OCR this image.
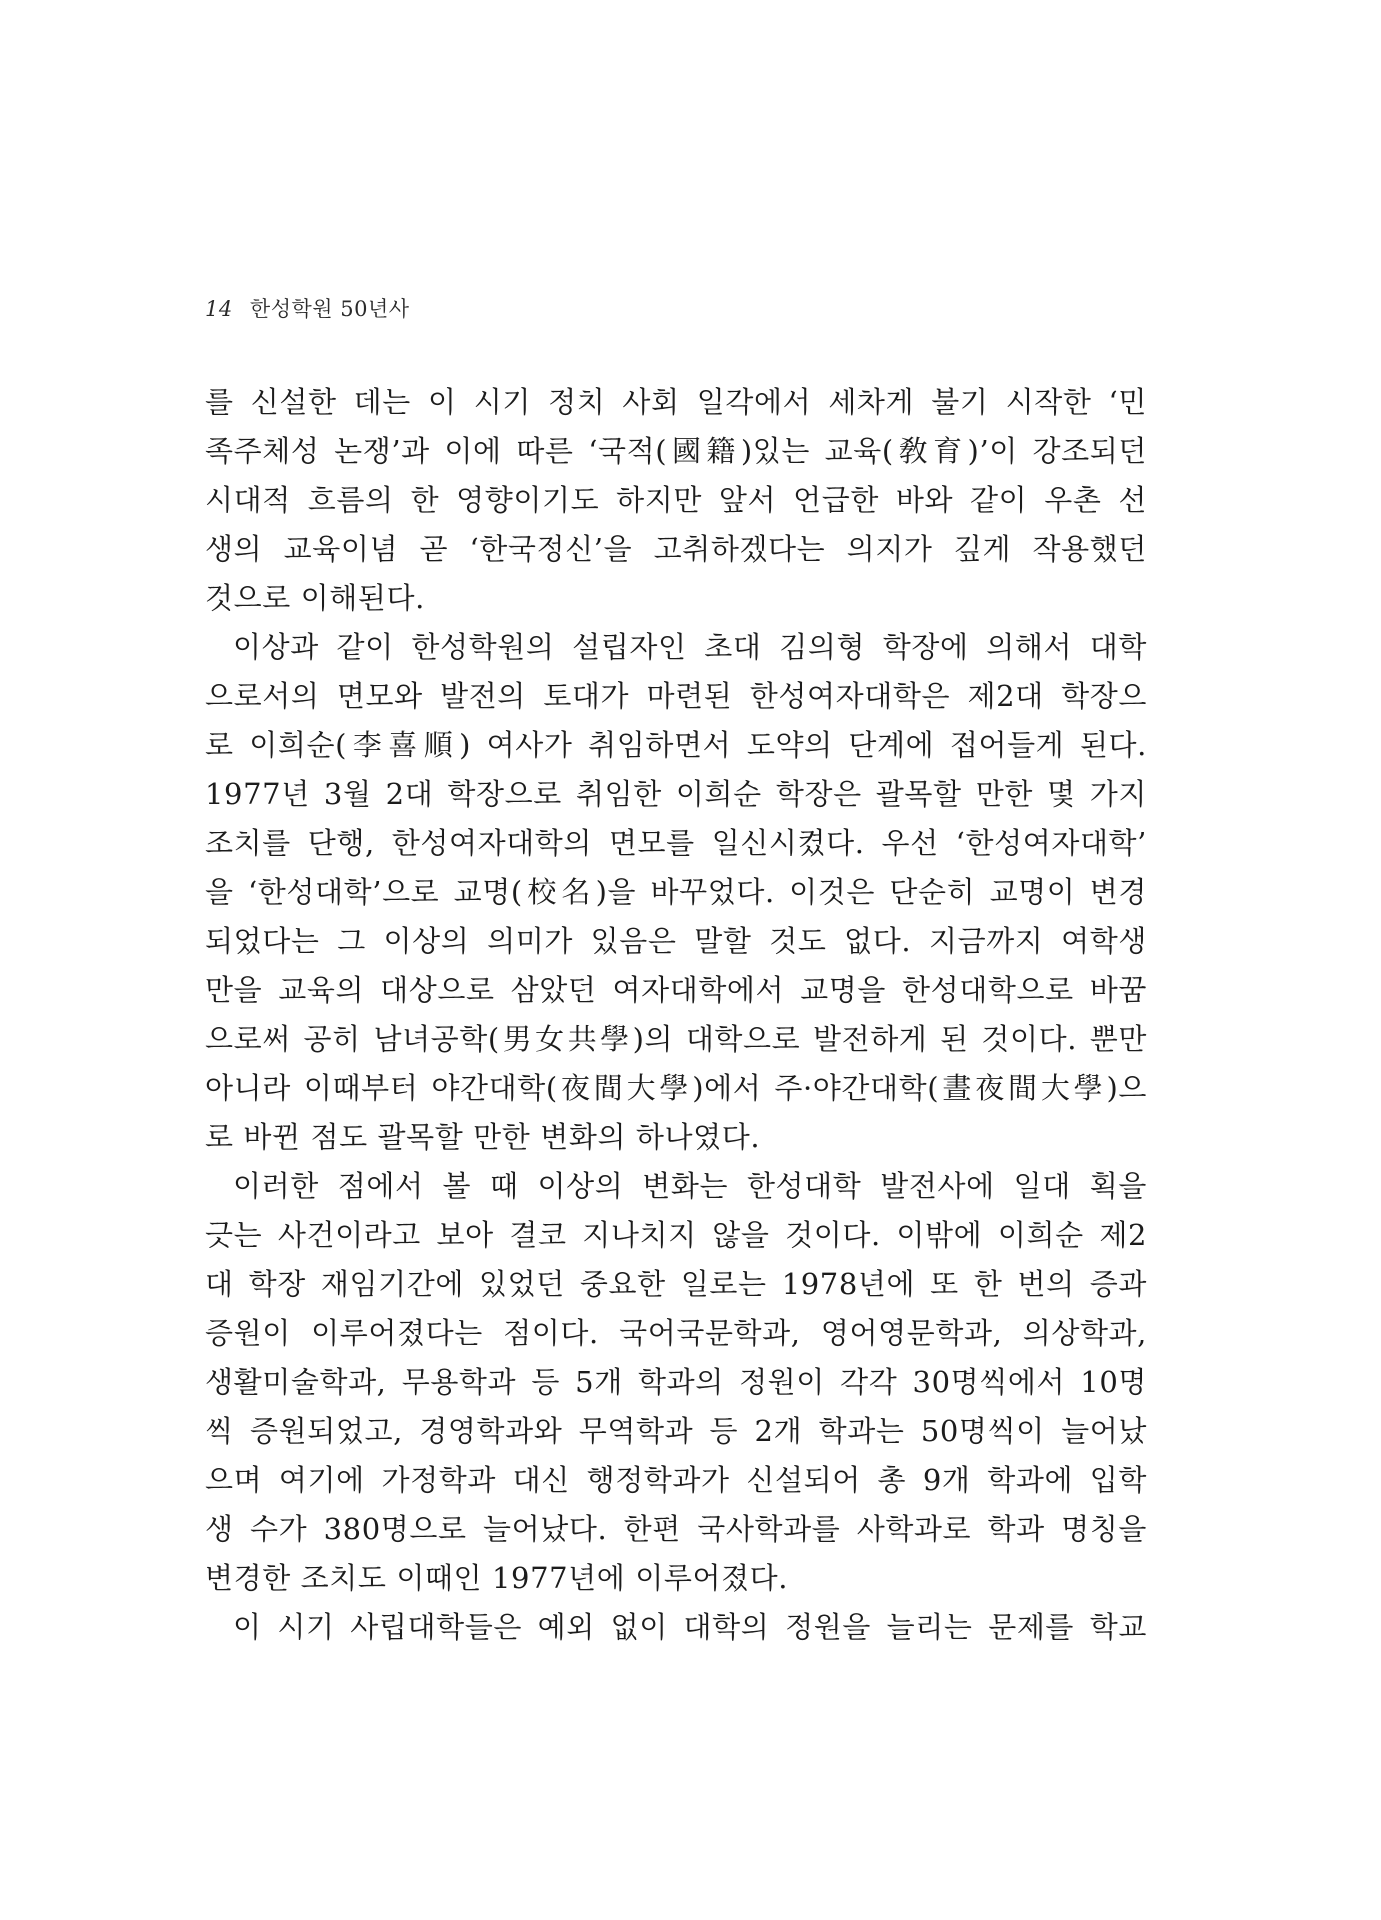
14 한성학원 50년사
를 신설한 데는 이 시기 정치 사회 일각에서 세차게 불기 시작한 ‘민
족주체성 논쟁’과 이에 따른 ‘국적(國籍)있는 교육(敎育)’이 강조되던
시대적 흐름의 한 영향이기도 하지만 앞서 언급한 바와 같이 우촌 선
생의 교육이념 곧 ‘한국정신’을 고취하겠다는 의지가 깊게 작용했던
것으로 이해된다.
이상과 같이 한성학원의 설립자인 초대 김의형 학장에 의해서 대학
으로서의 면모와 발전의 토대가 마련된 한성여자대학은 제2대 학장으
로 이희순(李喜順) 여사가 취임하면서 도약의 단계에 접어들게 된다.
1977년 3월 2대 학장으로 취임한 이희순 학장은 괄목할 만한 몇 가지
조치를 단행, 한성여자대학의 면모를 일신시켰다. 우선 ‘한성여자대학’
을 ‘한성대학’으로 교명(校名)을 바꾸었다. 이것은 단순히 교명이 변경
되었다는 그 이상의 의미가 있음은 말할 것도 없다. 지금까지 여학생
만을 교육의 대상으로 삼았던 여자대학에서 교명을 한성대학으로 바꿈
으로써 공히 남녀공학(男女共學)의 대학으로 발전하게 된 것이다. 뿐만
아니라 이때부터 야간대학(夜間大學)에서 주·야간대학(晝夜間大學)으
로 바뀐 점도 괄목할 만한 변화의 하나였다.
이러한 점에서 볼 때 이상의 변화는 한성대학 발전사에 일대 획을
긋는 사건이라고 보아 결코 지나치지 않을 것이다. 이밖에 이희순 제2
대 학장 재임기간에 있었던 중요한 일로는 1978년에 또 한 번의 증과
증원이 이루어졌다는 점이다. 국어국문학과, 영어영문학과, 의상학과,
생활미술학과, 무용학과 등 5개 학과의 정원이 각각 30명씩에서 10명
씩 증원되었고, 경영학과와 무역학과 등 2개 학과는 50명씩이 늘어났
으며 여기에 가정학과 대신 행정학과가 신설되어 총 9개 학과에 입학
생 수가 380명으로 늘어났다. 한편 국사학과를 사학과로 학과 명칭을
변경한 조치도 이때인 1977년에 이루어졌다.
이 시기 사립대학들은 예외 없이 대학의 정원을 늘리는 문제를 학교
